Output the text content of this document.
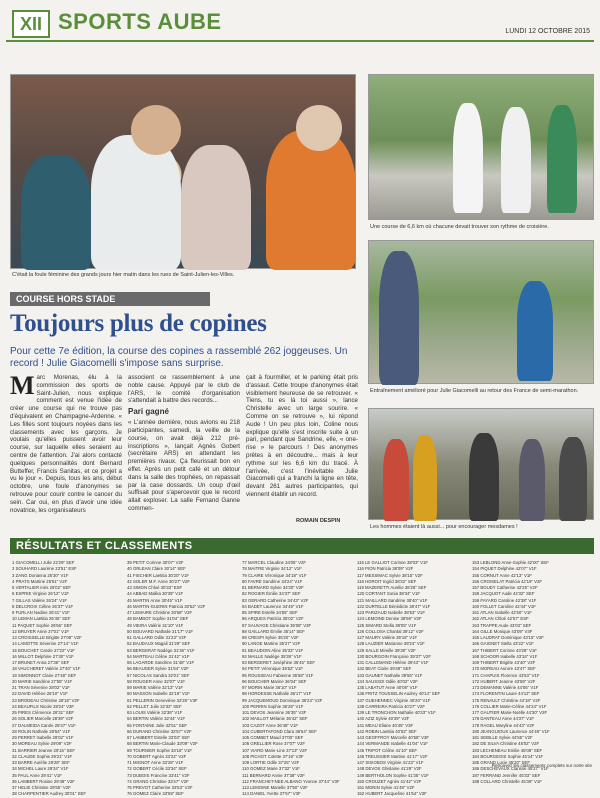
XII SPORTS AUBE	LUNDI 12 OCTOBRE 2015
C'était la foule féminine des grands jours hier matin dans les rues de Saint-Julien-les-Villes.
Une course de 6,6 km où chacune devait trouver son rythme de croisière.
Entraînement amélioré pour Julie Giacomelli au retour des France de semi-marathon.
Les hommes étaient là aussi... pour encourager mesdames !
COURSE HORS STADE
Toujours plus de copines
Pour cette 7e édition, la course des copines a rassemblé 262 joggeuses. Un record ! Julie Giacomelli s'impose sans surprise.
Marc Morenas, élu à la commission des sports de Saint-Julien, nous explique comment est venue l'idée de créer une course qui ne trouve pas d'équivalent en Champagne-Ardenne. « Les filles sont toujours noyées dans les classements avec les garçons. Je voulais qu'elles puissent avoir leur course, sur laquelle elles seraient au centre de l'attention. J'ai alors contacté quelques personnalités dont Bernard Butteffer, Francis Sanitas, et ce projet a vu le jour ». Depuis, tous les ans, début octobre, une foule d'anonymes se retrouve pour courir contre le cancer du sein. Car oui, en plus d'avoir une idée novatrice, les organisateurs
associent ce rassemblement à une noble cause. Appuyé par le club de l'ARS, le comité d'organisation s'attendait à battre des records...
Pari gagné
« L'année dernière, nous avions eu 218 participantes, samedi, la veille de la course, on avait déjà 212 pré-inscriptions », lançait Agnès Gobert (secrétaire ARS) en attendant les premières rivaux. Ça fleurissait bon en effet. Après un petit café et un détour dans la salle des trophées, on repassait par la case dossards. Un coup d'œil suffisait pour s'apercevoir que le record allait exploser. La salle Fernand Ganne commen-
çait à fourmiller, et le parking était pris d'assaut. Cette troupe d'anonymes était visiblement heureuse de se retrouver. « Tiens, tu es là toi aussi », lance Christelle avec un large sourire. « Comme on se retrouve », lui répond Aude ! Un peu plus loin, Coline nous explique qu'elle s'est inscrite suite à un pari, pendant que Sandrine, elle, « one-rise » le parcours ! Des anonymes prêtes à en découdre... mais à leur rythme sur les 6,6 km du tracé. À l'arrivée, c'est l'inévitable Julie Giacomelli qui a franchi la ligne en tête, devant 261 autres participantes, qui viennent établir un record.
ROMAIN DESPIN
RÉSULTATS ET CLASSEMENTS
1 GIACOMELLI Julie 22'29" SEF
2 SOUHARD Laurène 23'51" ESF
3 ZANG Dorianna 25'30" V1F
4 PRATS Martine 25'51" V2F
5 VERTALIER Inès 26'02" SEF
6 ESPRIE Virginie 26'12" V1F
7 GILLAS Valérie 26'24" V1F
8 DELCROIX Céline 26'37" V1F
9 FURLAN Nadine 26'41" V1F
10 LEMAN Laëtitia 26'45" SEF
11 PAQUET Sophie 26'56" SEF
12 BRUYER Anne 27'01" V1F
13 CROISSELLE Brigitte 27'08" V2F
14 LAMOTTE Séverine 27'14" V1F
15 BOUCHET Carole 27'22" V1F
16 MILLOT Delphine 27'30" V1F
17 BRUNET Anna 27'36" SEF
18 VAUCHERET Valérie 27'40" V1F
19 SIMONNOT Claire 27'48" SEF
20 MARIE Sandrine 27'55" V1F
21 TRAN Séverine 28'02" V1F
22 DAVID Hélène 28'10" V1F
23 BRODEAU Christine 28'18" V2F
24 BEAUFILS Nicole 28'24" V3F
25 PIRES Clémence 28'31" SEF
26 SOLIER Marcelle 28'39" V2F
27 DALMEIDA Carole 28'47" V1F
28 ROLIN Nathalie 28'54" V1F
29 PERRET Isabelle 29'02" V1F
30 MOREAU Sylvie 29'09" V2F
31 BARRIER Jeanne 29'15" SEF
32 CLAUDE Sophie 29'21" V1F
33 BARRE Aurélie 29'28" SEF
34 MICHEL Laure 29'34" V1F
35 PAUL Anne 29'41" V1F
36 LAMBERT Rosine 29'48" V2F
37 HELIE Christine 29'55" V2F
38 CHARPENTIER Audrey 30'01" SEF
39 PETIT Corinne 30'07" V2F
40 ORLEAN Claire 30'14" SEF
41 FISCHER Laetitia 30'20" V1F
42 SOLER M.F. Anne 30'27" V2F
43 SIMON Chloé 30'33" ESF
44 ABBAD Malika 30'39" V1F
45 MARTIN Anne 30'45" V1F
46 MARTIN-GUERIN Patricia 30'52" V2F
47 LEMAIRE Christine 30'58" V2F
48 BAMBOT Sophie 31'04" SEF
49 VIEIRA Valérie 31'10" V1F
50 BOUVARD Nathalie 31'17" V1F
51 GALLARD Odile 31'23" V2F
52 BAUDAUX Magali 31'29" SEF
53 BERGERAT Nadège 31'36" V1F
54 MARTEAU Céline 31'42" V1F
55 LAGARDE Sandrine 31'48" V1F
56 BEAUGER Sylvie 31'54" V2F
57 NICOLAS Sandra 32'01" SEF
58 ROUGER Anne 32'07" V1F
59 MARIE Valérie 32'13" V1F
60 MASSON Isabelle 32'19" V1F
61 PELLERIN Geneviève 32'26" V3F
62 PELLET Julie 32'32" SEF
63 LOUIS Valérie 32'38" V1F
64 BERTIN Valérie 32'44" V1F
65 FONTAINE Julie 32'51" SEF
66 DURAND Christine 32'57" V2F
67 LAMBERT Estelle 33'03" SEF
68 BERTIN Marie-Claude 33'09" V2F
69 TOURNIER Sophie 33'16" V1F
70 GOBERT Agnès 33'22" V2F
71 MIGNOT Anne 33'28" V1F
72 GOBERT Cécile 33'34" SEF
73 DUBOIS Francine 33'41" V2F
74 GRAND Christine 33'47" V2F
75 PREVOT Catherine 33'53" V2F
76 GOMEZ Claire 33'59" SEF
77 MARCEL Claudine 34'05" V2F
78 MAITRE Virginie 34'12" V1F
79 CLAIRE Véronique 34'18" V1F
80 FAVRE Sandrine 34'24" V1F
81 BERNARD Sylvie 34'30" V2F
82 ROGIER Émilie 34'37" SEF
83 GERARD Catherine 34'43" V2F
84 BADET Laurence 34'49" V1F
85 SPIRE Estelle 34'55" SEF
86 ARQUES Patricia 35'02" V2F
87 SAUVAGE Christiane 35'08" V3F
88 GAILLARD Émilie 35'14" SEF
89 CRESPI Sylvie 35'20" V2F
90 LANGE Martine 35'27" V2F
91 BEAUDOIN Aline 35'33" V1F
92 MAILLE Nadège 35'39" V1F
93 BERGERET Joséphine 35'45" SEF
94 PETIT Véronique 35'52" V1F
95 ROUSSEAU Fabienne 35'58" V1F
96 BOUCHER Marine 36'04" SEF
97 MORIN Marie 36'10" V1F
98 HORDESSE Nathalie 36'17" V1F
99 JACQUEMOUD Dominique 36'23" V2F
100 PERRIN Sophie 36'29" V1F
101 DEVOS Jeannine 36'35" V3F
102 MAILLOT Mélanie 36'42" SEF
103 CAZOT Anne 36'48" V1F
104 CUBERTAFOND Clara 36'54" SEF
105 COMBET Maud 37'00" SEF
106 GRELLIER Rose 37'07" V2F
107 VIARD Marie-Line 37'13" V2F
108 PICHOT Colette 37'19" V3F
109 LORTIE Odile 37'25" V2F
110 GOMEZ Marie 37'32" V1F
111 BERNARD Annie 37'38" V2F
112 FRANCHET-NEE ALBANO Yvonne 37'44" V3F
113 LEMOINE Marielle 37'50" V2F
114 DANIEL Yvette 37'57" V3F
115 LE GALLIOT Corinne 38'03" V1F
116 PION Patricia 38'09" V2F
117 MESSIMAC Sylvie 38'15" V2F
118 HOROIT Ingrid 38'22" SEF
119 MAZERETTI Aurélie 38'28" SEF
120 CORTANT Sonia 38'34" V1F
121 MAILLARD Sandrine 38'40" V1F
122 DURTELLE Bénédicte 38'47" V1F
123 PARIZAUD Isabelle 38'53" V1F
124 LEMOINE Denise 38'59" V3F
125 SIMARD Stella 39'05" V1F
126 COLLOSA Chantal 39'12" V2F
127 MAURY Valérie 39'18" V1F
128 LAUZIER Marianne 39'24" V1F
129 SALLE Mireille 39'30" V2F
130 BOURGOIN Françoise 39'37" V2F
131 CALLEMAND Hélène 39'43" V1F
132 BEAT Claire 39'49" SEF
133 GAUNET Nathalie 39'55" V1F
134 SAUSSOI Odile 40'02" V2F
135 LABATUT Anne 40'08" V1F
136 FRITZ TOUSSELIN Audrey 40'14" SEF
137 GUEHENNEC Virginie 40'20" V1F
138 CARREIRA Patricia 40'27" V2F
139 LE TRONCHON Nathalie 40'33" V1F
140 AZIZ Sylvie 40'39" V2F
141 MEAU Eliane 40'45" V3F
142 ROBIN Laetitia 40'52" SEF
143 GEOFFROY Marcelle 40'58" V3F
144 VERMANDE Isabelle 41'04" V1F
145 TRIPOT Céline 41'10" SEF
146 TREUSSIER Martine 41'17" V2F
147 SISIOBOS Virginie 41'23" V1F
148 DEVOS Ghislaine 41'29" V2F
149 BERTHOLON Sophie 41'35" V1F
150 CROUZET Agnès 41'42" V2F
151 MONIN Sylvie 41'48" V2F
152 HUBERT Jacqueline 41'54" V3F
153 LEBLOND Anne-Sophie 42'00" SEF
154 PIQUET Delphine 42'07" V1F
155 CORNUT Anne 42'13" V1F
156 CROISELAT Patricia 42'19" V2F
157 BOUDY Catherine 42'25" V2F
158 JACQUOT Aude 42'32" SEF
159 FAYARD Caroline 42'38" V1F
160 FOLLET Caroline 42'44" V1F
161 ATLAN Isabelle 42'50" V1F
162 ATLAN Chloé 42'57" ESF
163 TRAPPE Aude 43'03" SEF
164 GILLE Monique 43'09" V3F
165 LAUDRAT Dominique 43'15" V2F
166 GAIGNET Stella 43'22" V1F
167 THIBERT Corinne 43'28" V1F
168 SCHOOR Isabelle 43'34" V1F
169 THIBERT Brigitte 43'40" V2F
170 MOREAU Aurore 43'47" SEF
171 CHAPUIS Florence 43'53" V1F
172 HUBERT Jeanne 43'59" V2F
173 DEMANNE Valérie 44'05" V1F
174 FLORENTIN Laure 44'12" SEF
175 RENAULT Christine 44'18" V2F
176 COLLIER Marie-Céline 44'24" V1F
177 GAUTIER Marie-Noëlle 44'30" V2F
178 DANTEAU Anne 44'37" V1F
179 RAGEL Maryline 44'43" V2F
180 JEANGUIOUX Laurence 44'49" V1F
181 SEBILLE Sylvie 44'55" V2F
182 DE SILVA Christine 45'02" V2F
183 LECHENEAU Emilie 45'08" SEF
184 BOURGEOIS Sophie 45'14" V1F
185 GRAND Lucie 45'20" SEF
186 DESCHEVAUX Clarisse 45'27" V1F
187 FERRAND Jennifer 45'33" SEF
188 COLLARD Christelle 45'39" V1F
Retrouvez les classements complets sur notre site
